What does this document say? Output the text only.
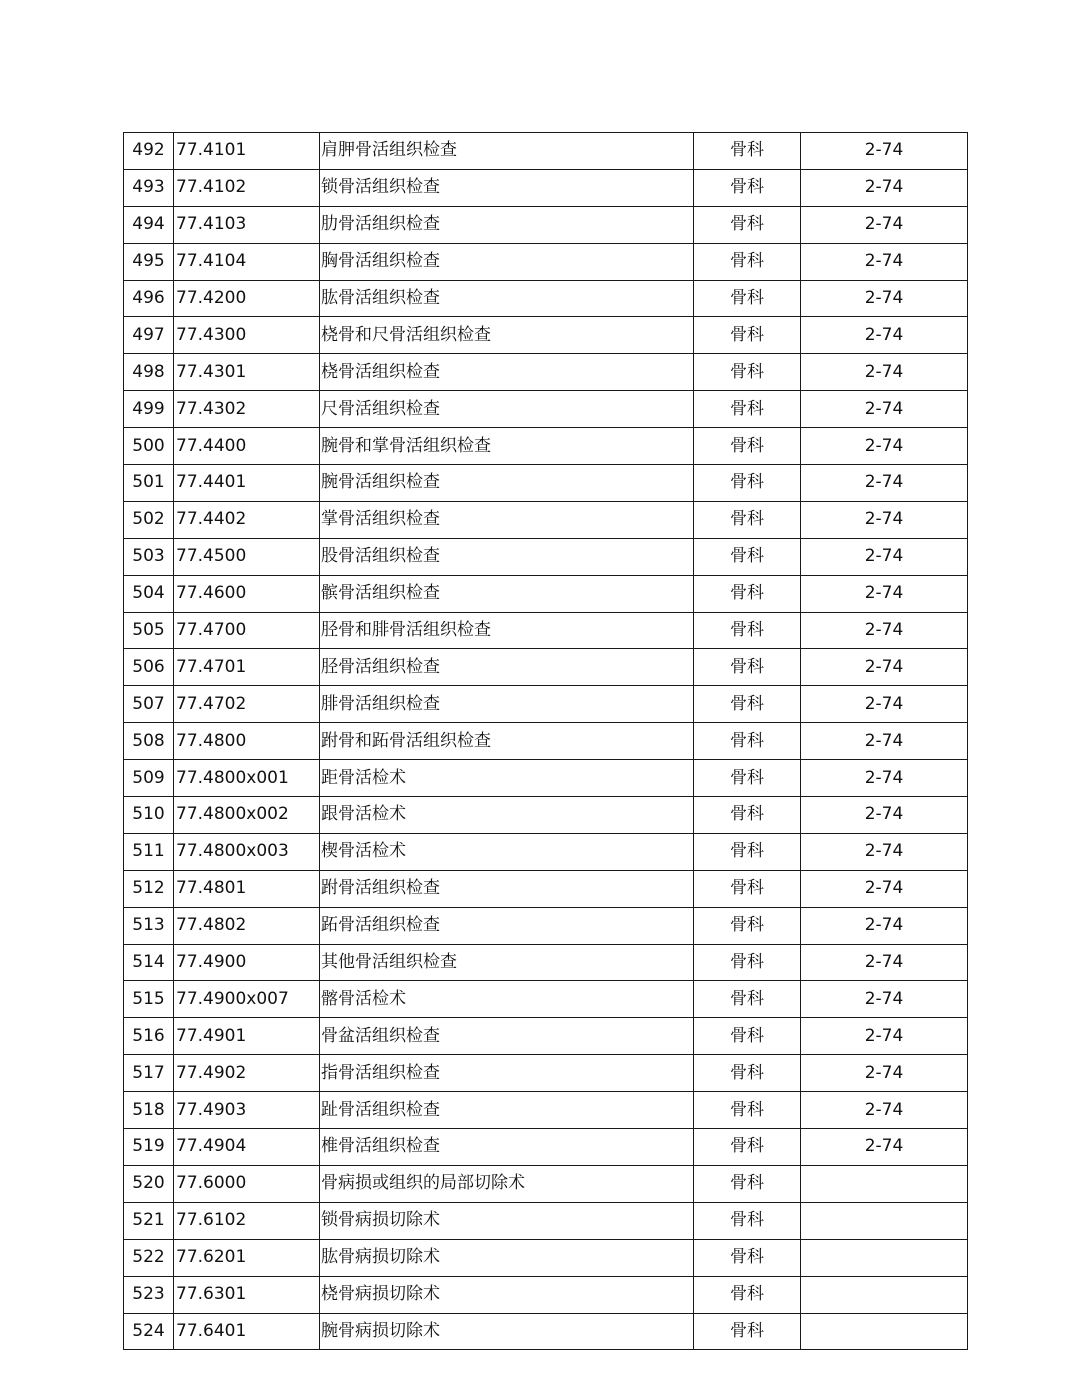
492	77.4101	肩胛骨活组织检查	骨科	2-74
493	77.4102	锁骨活组织检查	骨科	2-74
494	77.4103	肋骨活组织检查	骨科	2-74
495	77.4104	胸骨活组织检查	骨科	2-74
496	77.4200	肱骨活组织检查	骨科	2-74
497	77.4300	桡骨和尺骨活组织检查	骨科	2-74
498	77.4301	桡骨活组织检查	骨科	2-74
499	77.4302	尺骨活组织检查	骨科	2-74
500	77.4400	腕骨和掌骨活组织检查	骨科	2-74
501	77.4401	腕骨活组织检查	骨科	2-74
502	77.4402	掌骨活组织检查	骨科	2-74
503	77.4500	股骨活组织检查	骨科	2-74
504	77.4600	髌骨活组织检查	骨科	2-74
505	77.4700	胫骨和腓骨活组织检查	骨科	2-74
506	77.4701	胫骨活组织检查	骨科	2-74
507	77.4702	腓骨活组织检查	骨科	2-74
508	77.4800	跗骨和跖骨活组织检查	骨科	2-74
509	77.4800x001	距骨活检术	骨科	2-74
510	77.4800x002	跟骨活检术	骨科	2-74
511	77.4800x003	楔骨活检术	骨科	2-74
512	77.4801	跗骨活组织检查	骨科	2-74
513	77.4802	跖骨活组织检查	骨科	2-74
514	77.4900	其他骨活组织检查	骨科	2-74
515	77.4900x007	髂骨活检术	骨科	2-74
516	77.4901	骨盆活组织检查	骨科	2-74
517	77.4902	指骨活组织检查	骨科	2-74
518	77.4903	趾骨活组织检查	骨科	2-74
519	77.4904	椎骨活组织检查	骨科	2-74
520	77.6000	骨病损或组织的局部切除术	骨科	
521	77.6102	锁骨病损切除术	骨科	
522	77.6201	肱骨病损切除术	骨科	
523	77.6301	桡骨病损切除术	骨科	
524	77.6401	腕骨病损切除术	骨科	
